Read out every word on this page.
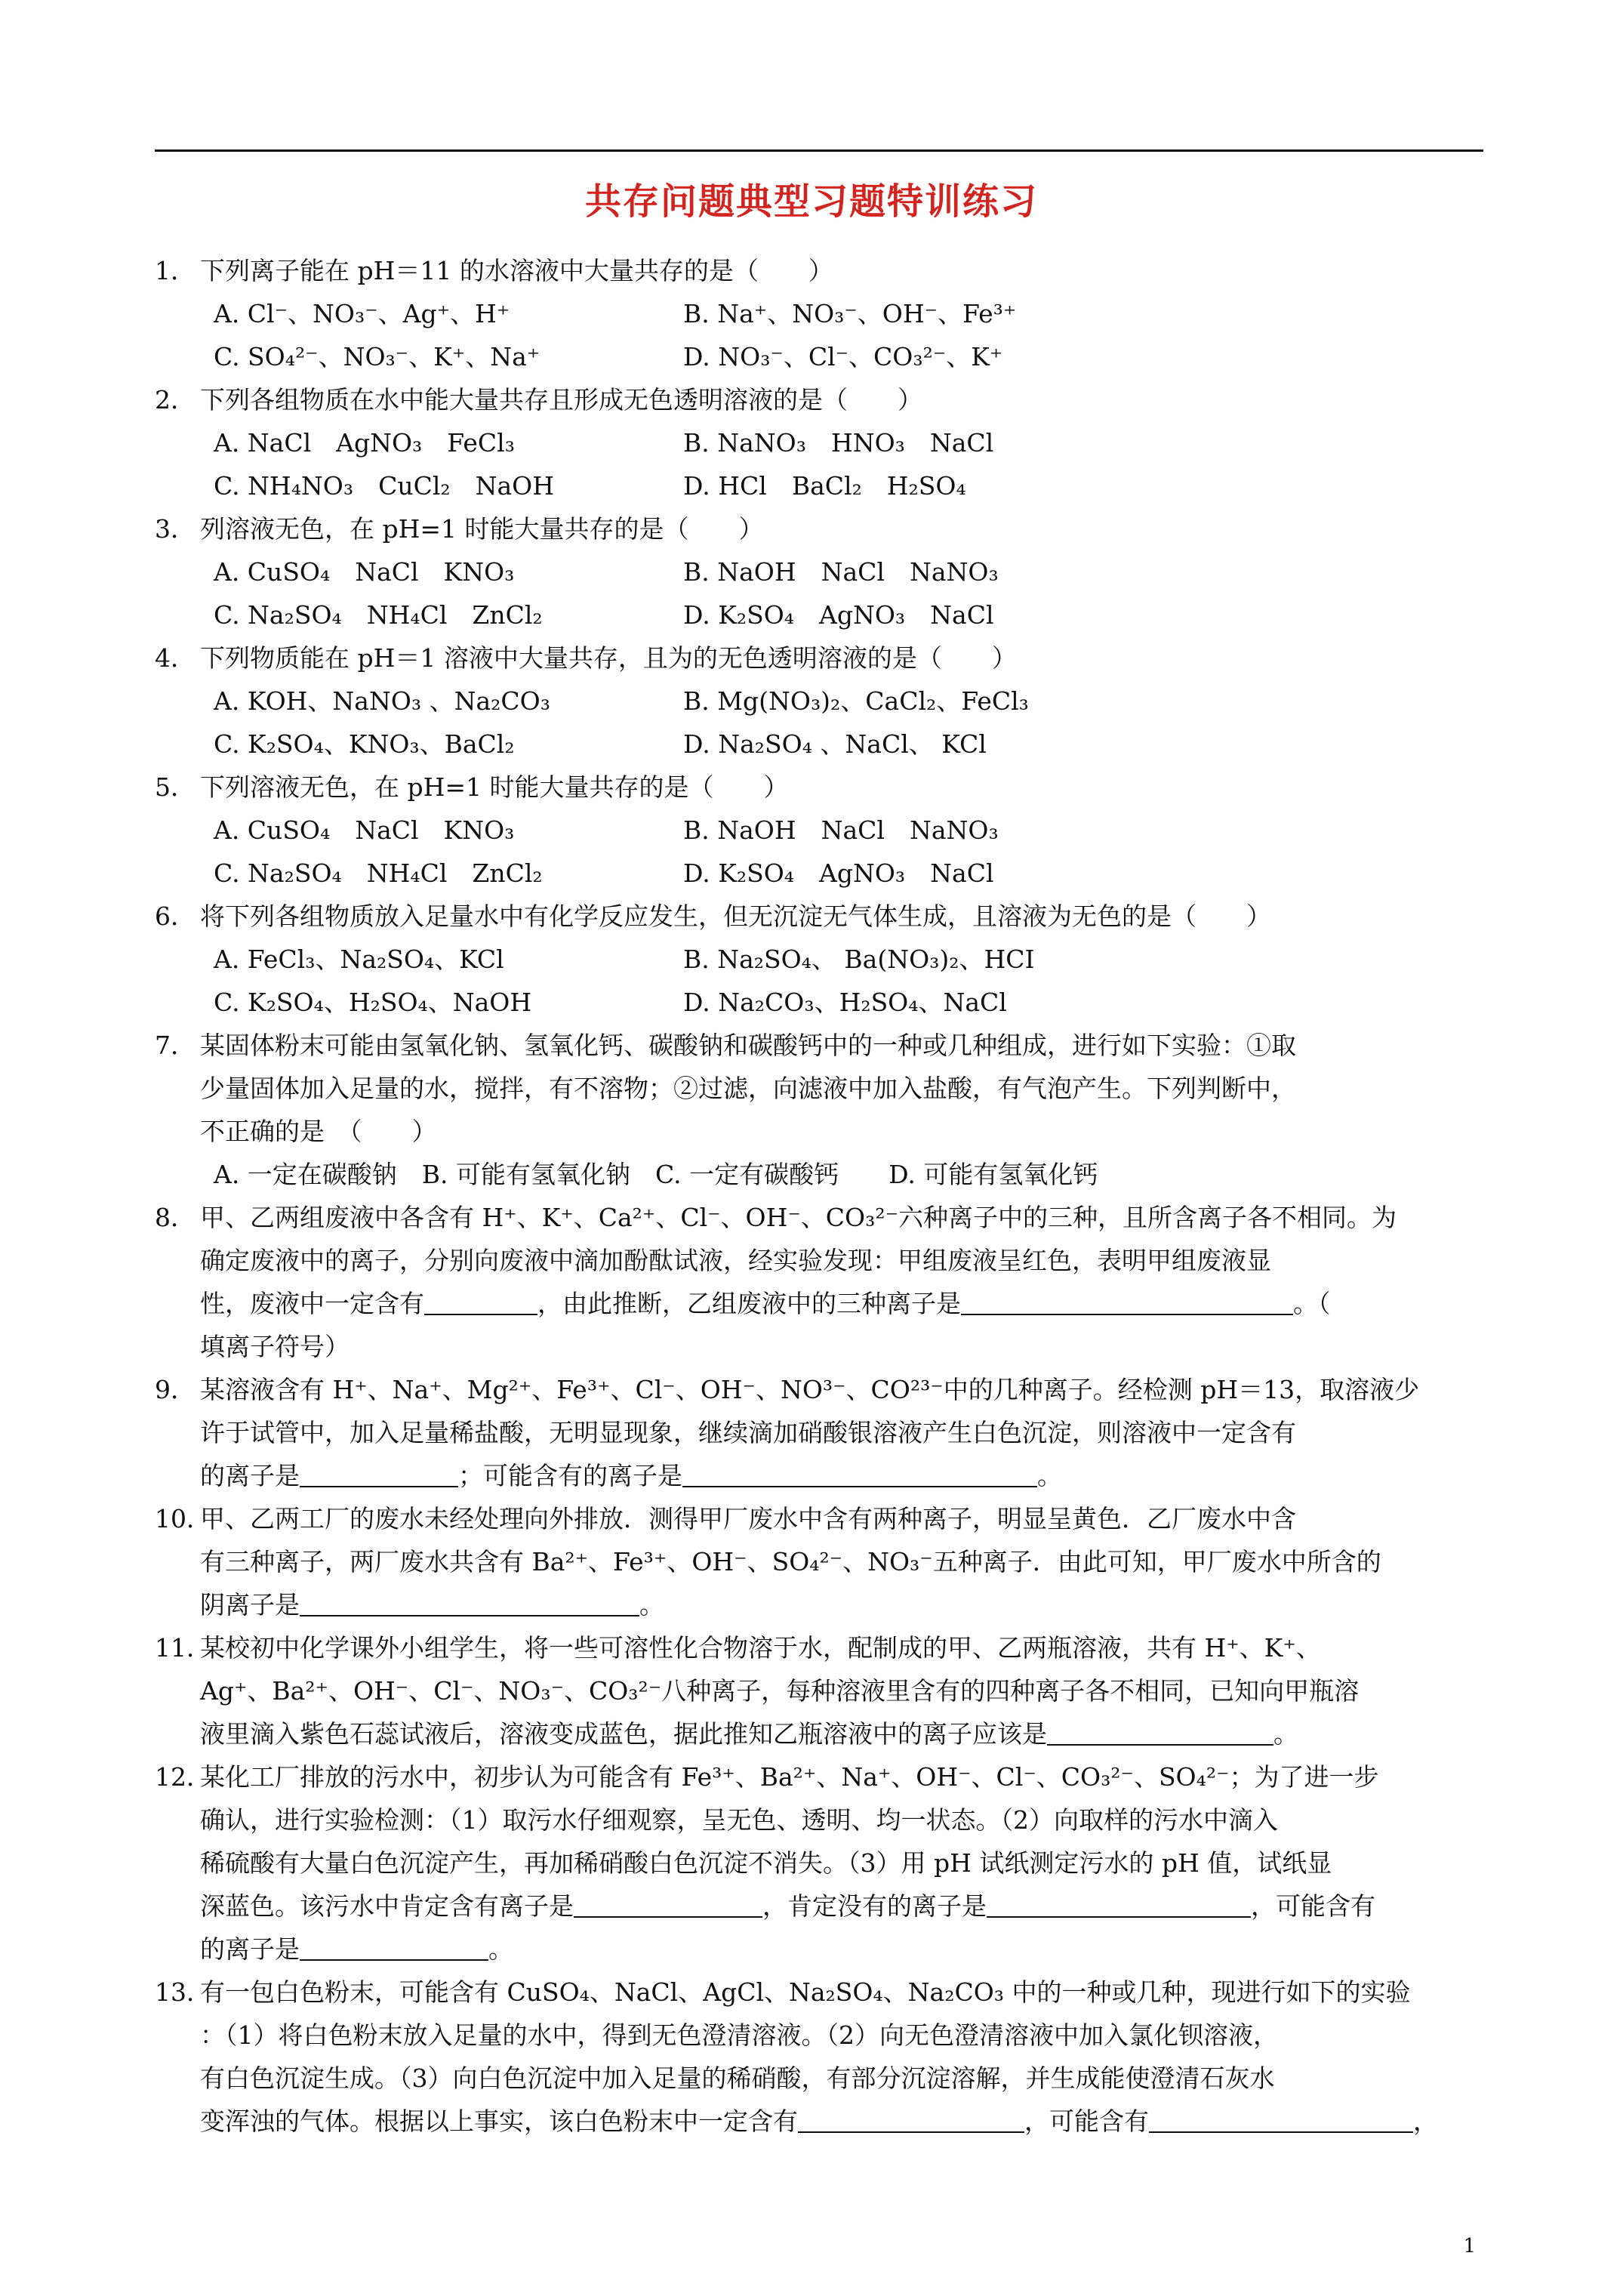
共存问题典型习题特训练习
1． 下列离子能在 pH＝11 的水溶液中大量共存的是（　　）
A. Cl⁻、NO₃⁻、Ag⁺、H⁺	B. Na⁺、NO₃⁻、OH⁻、Fe³⁺
C. SO₄²⁻、NO₃⁻、K⁺、Na⁺	D. NO₃⁻、Cl⁻、CO₃²⁻、K⁺
2． 下列各组物质在水中能大量共存且形成无色透明溶液的是（　　）
A. NaCl　AgNO₃　FeCl₃	B. NaNO₃　HNO₃　NaCl
C. NH₄NO₃　CuCl₂　NaOH	D. HCl　BaCl₂　H₂SO₄
3． 列溶液无色，在 pH=1 时能大量共存的是（　　）
A. CuSO₄　NaCl　KNO₃	B. NaOH　NaCl　NaNO₃
C. Na₂SO₄　NH₄Cl　ZnCl₂	D. K₂SO₄　AgNO₃　NaCl
4． 下列物质能在 pH＝1 溶液中大量共存，且为的无色透明溶液的是（　　）
A. KOH、NaNO₃ 、Na₂CO₃	B. Mg(NO₃)₂、CaCl₂、FeCl₃
C. K₂SO₄、KNO₃、BaCl₂	D. Na₂SO₄ 、NaCl、 KCl
5． 下列溶液无色，在 pH=1 时能大量共存的是（　　）
A. CuSO₄　NaCl　KNO₃	B. NaOH　NaCl　NaNO₃
C. Na₂SO₄　NH₄Cl　ZnCl₂	D. K₂SO₄　AgNO₃　NaCl
6． 将下列各组物质放入足量水中有化学反应发生，但无沉淀无气体生成，且溶液为无色的是（　　）
A. FeCl₃、Na₂SO₄、KCl	B. Na₂SO₄、 Ba(NO₃)₂、HCI
C. K₂SO₄、H₂SO₄、NaOH	D. Na₂CO₃、H₂SO₄、NaCl
7． 某固体粉末可能由氢氧化钠、氢氧化钙、碳酸钠和碳酸钙中的一种或几种组成，进行如下实验：①取
少量固体加入足量的水，搅拌，有不溶物；②过滤，向滤液中加入盐酸，有气泡产生。下列判断中，
不正确的是　（　　）
A. 一定在碳酸钠　B. 可能有氢氧化钠　C. 一定有碳酸钙　　D. 可能有氢氧化钙
8． 甲、乙两组废液中各含有 H⁺、K⁺、Ca²⁺、Cl⁻、OH⁻、CO₃²⁻六种离子中的三种，且所含离子各不相同。为
确定废液中的离子，分别向废液中滴加酚酞试液，经实验发现：甲组废液呈红色，表明甲组废液显
性，废液中一定含有	，由此推断，乙组废液中的三种离子是	。（
填离子符号）
9． 某溶液含有 H⁺、Na⁺、Mg²⁺、Fe³⁺、Cl⁻、OH⁻、NO³⁻、CO²³⁻中的几种离子。经检测 pH＝13，取溶液少
许于试管中，加入足量稀盐酸，无明显现象，继续滴加硝酸银溶液产生白色沉淀，则溶液中一定含有
的离子是	；可能含有的离子是	。
10．甲、乙两工厂的废水未经处理向外排放．测得甲厂废水中含有两种离子，明显呈黄色．乙厂废水中含
有三种离子，两厂废水共含有 Ba²⁺、Fe³⁺、OH⁻、SO₄²⁻、NO₃⁻五种离子．由此可知，甲厂废水中所含的
阴离子是	。
11．某校初中化学课外小组学生，将一些可溶性化合物溶于水，配制成的甲、乙两瓶溶液，共有 H⁺、K⁺、
Ag⁺、Ba²⁺、OH⁻、Cl⁻、NO₃⁻、CO₃²⁻八种离子，每种溶液里含有的四种离子各不相同，已知向甲瓶溶
液里滴入紫色石蕊试液后，溶液变成蓝色，据此推知乙瓶溶液中的离子应该是	。
12．某化工厂排放的污水中，初步认为可能含有 Fe³⁺、Ba²⁺、Na⁺、OH⁻、Cl⁻、CO₃²⁻、SO₄²⁻；为了进一步
确认，进行实验检测：（1）取污水仔细观察，呈无色、透明、均一状态。（2）向取样的污水中滴入
稀硫酸有大量白色沉淀产生，再加稀硝酸白色沉淀不消失。（3）用 pH 试纸测定污水的 pH 值，试纸显
深蓝色。该污水中肯定含有离子是	，肯定没有的离子是	，可能含有
的离子是	。
13．有一包白色粉末，可能含有 CuSO₄、NaCl、AgCl、Na₂SO₄、Na₂CO₃ 中的一种或几种，现进行如下的实验
：（1）将白色粉末放入足量的水中，得到无色澄清溶液。（2）向无色澄清溶液中加入氯化钡溶液，
有白色沉淀生成。（3）向白色沉淀中加入足量的稀硝酸，有部分沉淀溶解，并生成能使澄清石灰水
变浑浊的气体。根据以上事实，该白色粉末中一定含有	，可能含有	，
1
